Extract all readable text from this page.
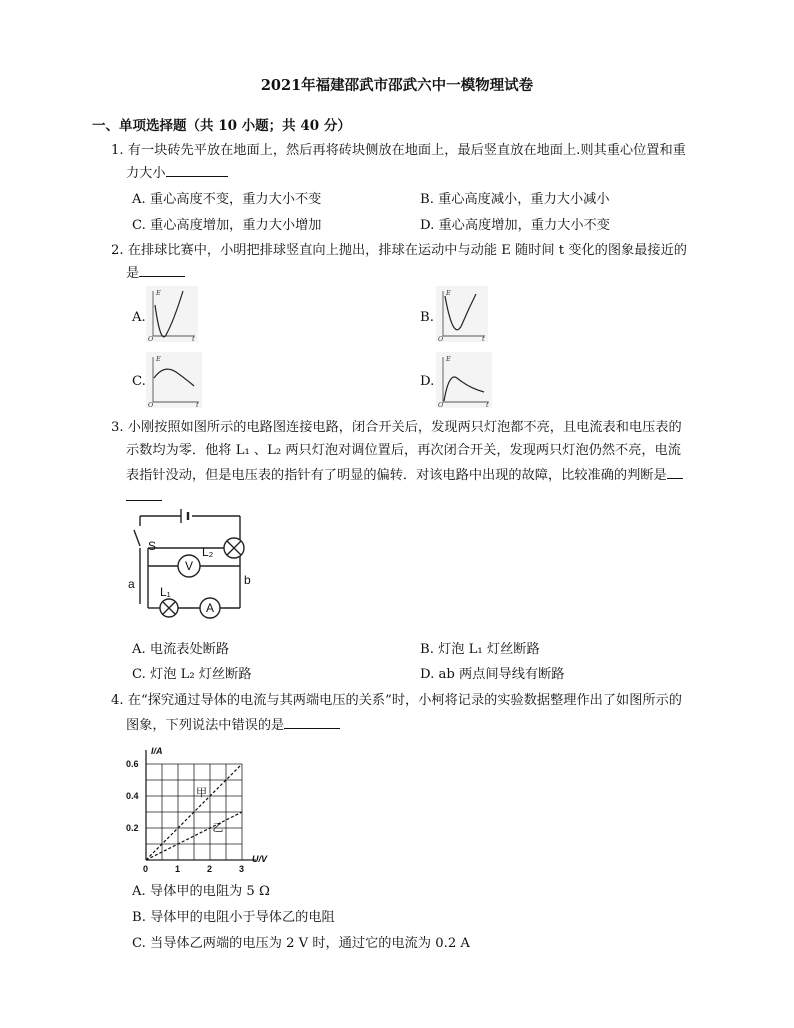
2021年福建邵武市邵武六中一模物理试卷
一、单项选择题（共 10 小题；共 40 分）
1. 有一块砖先平放在地面上，然后再将砖块侧放在地面上，最后竖直放在地面上.则其重心位置和重
力大小
A. 重心高度不变，重力大小不变	B. 重心高度减小，重力大小减小
C. 重心高度增加，重力大小增加	D. 重心高度增加，重力大小不变
2. 在排球比赛中，小明把排球竖直向上抛出，排球在运动中与动能 E 随时间 t 变化的图象最接近的
是
A.	B.
C.	D.
E
O	t
E
O	t
E
O	t
E
O	t
3. 小刚按照如图所示的电路图连接电路，闭合开关后，发现两只灯泡都不亮，且电流表和电压表的
示数均为零．他将 L₁ 、L₂ 两只灯泡对调位置后，再次闭合开关，发现两只灯泡仍然不亮，电流
表指针没动，但是电压表的指针有了明显的偏转．对该电路中出现的故障，比较准确的判断是
S	L₂
V
a	b
L₁
A
A. 电流表处断路	B. 灯泡 L₁ 灯丝断路
C. 灯泡 L₂ 灯丝断路	D. ab 两点间导线有断路
4. 在“探究通过导体的电流与其两端电压的关系”时，小柯将记录的实验数据整理作出了如图所示的
图象，下列说法中错误的是
甲
乙
0	1	2	3
0.2
0.4
0.6
U/V
I/A
A. 导体甲的电阻为 5 Ω
B. 导体甲的电阻小于导体乙的电阻
C. 当导体乙两端的电压为 2 V 时，通过它的电流为 0.2 A
